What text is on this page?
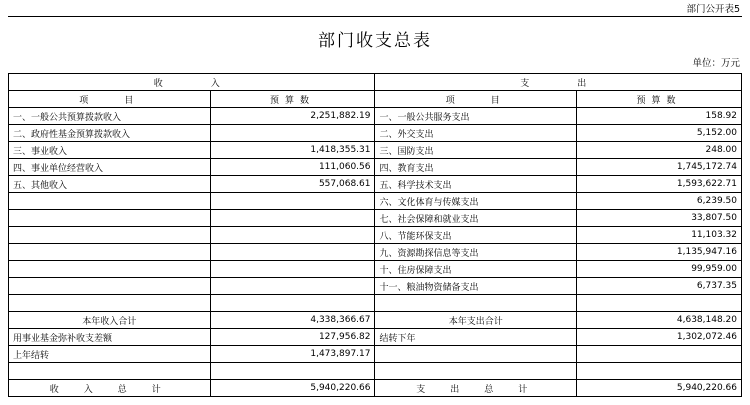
部门公开表5
部门收支总表
单位：万元
收　　入		支　　出	
项　　目	预算数	项　　目	预算数
一、一般公共预算拨款收入	2,251,882.19	一、一般公共服务支出	158.92
二、政府性基金预算拨款收入		二、外交支出	5,152.00
三、事业收入	1,418,355.31	三、国防支出	248.00
四、事业单位经营收入	111,060.56	四、教育支出	1,745,172.74
五、其他收入	557,068.61	五、科学技术支出	1,593,622.71
		六、文化体育与传媒支出	6,239.50
		七、社会保障和就业支出	33,807.50
		八、节能环保支出	11,103.32
		九、资源勘探信息等支出	1,135,947.16
		十、住房保障支出	99,959.00
		十一、粮油物资储备支出	6,737.35

本年收入合计	4,338,366.67	本年支出合计	4,638,148.20
用事业基金弥补收支差额	127,956.82	结转下年	1,302,072.46
上年结转	1,473,897.17		

收　入　总　计	5,940,220.66	支　出　总　计	5,940,220.66
